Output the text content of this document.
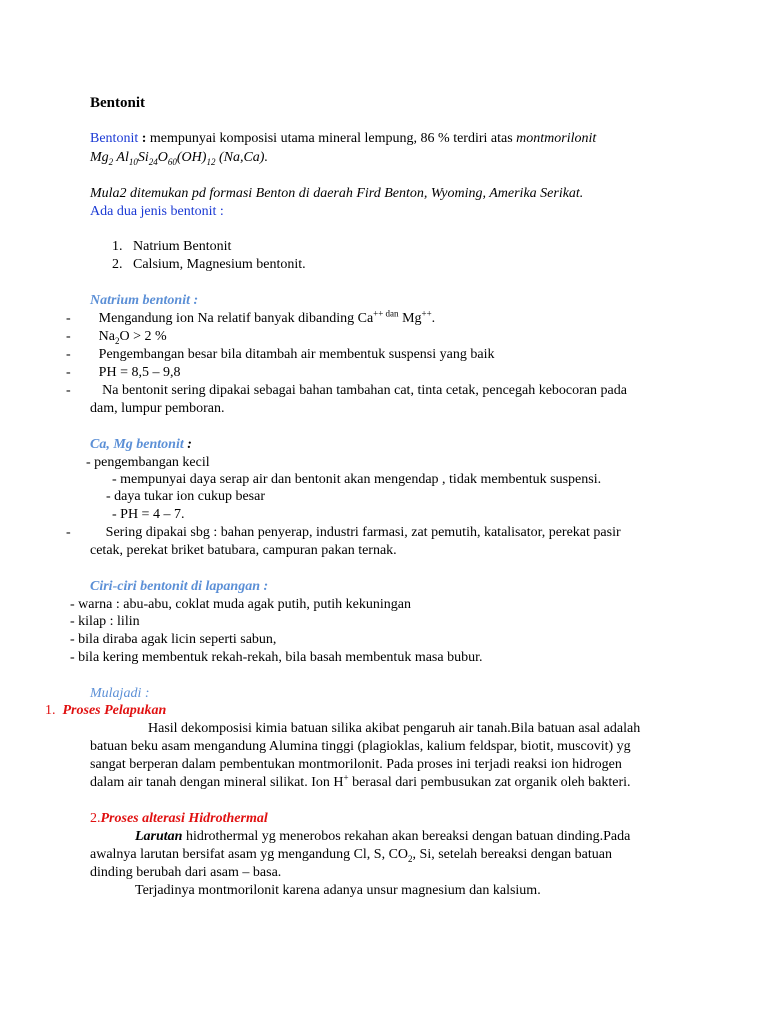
Bentonit
Bentonit : mempunyai komposisi utama mineral lempung, 86 % terdiri atas montmorilonit
$Mg_2$ $Al_{10}Si_{24}O_{60}(OH)_{12}$ (Na,Ca).
Mula2 ditemukan pd formasi Benton di daerah Fird Benton, Wyoming, Amerika Serikat.
Ada dua jenis bentonit :
1. Natrium Bentonit
2. Calsium, Magnesium bentonit.
Natrium bentonit :
-        Mengandung ion Na relatif banyak dibanding $Ca^{++ dan}$ Mg++.
-        $Na_2O > 2$ %
-        Pengembangan besar bila ditambah air membentuk suspensi yang baik
-        PH = 8,5 – 9,8
-         Na bentonit sering dipakai sebagai bahan tambahan cat, tinta cetak, pencegah kebocoran pada
dam, lumpur pemboran.
Ca, Mg bentonit :
- pengembangan kecil
- mempunyai daya serap air dan bentonit akan mengendap , tidak membentuk suspensi.
- daya tukar ion cukup besar
- PH = 4 – 7.
-          Sering dipakai sbg : bahan penyerap, industri farmasi, zat pemutih, katalisator, perekat pasir
cetak, perekat briket batubara, campuran pakan ternak.
Ciri-ciri bentonit di lapangan :
- warna : abu-abu, coklat muda agak putih, putih kekuningan
- kilap : lilin
- bila diraba agak licin seperti sabun,
- bila kering membentuk rekah-rekah, bila basah membentuk masa bubur.
Mulajadi :
1. Proses Pelapukan
Hasil dekomposisi kimia batuan silika akibat pengaruh air tanah.Bila batuan asal adalah
batuan beku asam mengandung Alumina tinggi (plagioklas, kalium feldspar, biotit, muscovit) yg
sangat berperan dalam pembentukan montmorilonit. Pada proses ini terjadi reaksi ion hidrogen
dalam air tanah dengan mineral silikat. Ion H+ berasal dari pembusukan zat organik oleh bakteri.
2.Proses alterasi Hidrothermal
Larutan hidrothermal yg menerobos rekahan akan bereaksi dengan batuan dinding.Pada
awalnya larutan bersifat asam yg mengandung Cl, S, $CO_2$, Si, setelah bereaksi dengan batuan
dinding berubah dari asam – basa.
Terjadinya montmorilonit karena adanya unsur magnesium dan kalsium.
